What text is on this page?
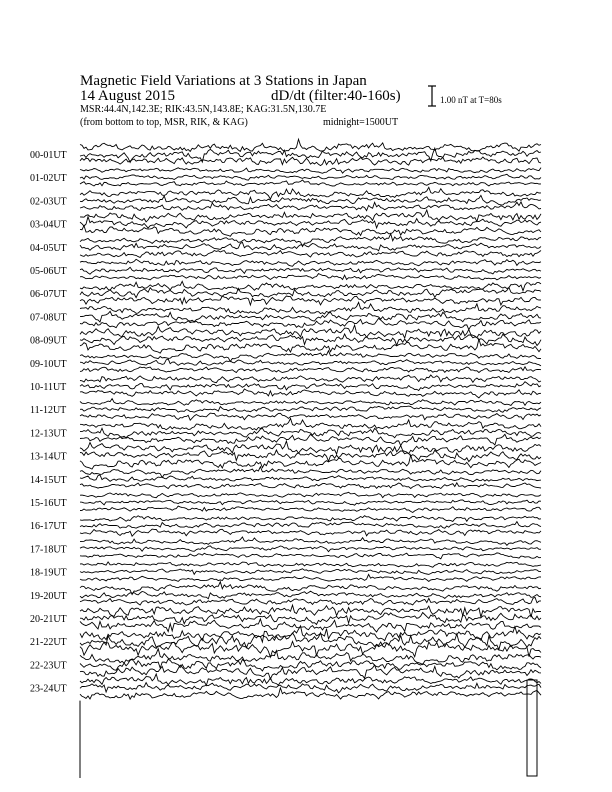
Magnetic Field Variations at 3 Stations in Japan
14 August 2015	dD/dt (filter:40-160s)
MSR:44.4N,142.3E; RIK:43.5N,143.8E; KAG:31.5N,130.7E
(from bottom to top, MSR, RIK, & KAG)	midnight=1500UT
1.00 nT at T=80s
00-01UT
01-02UT
02-03UT
03-04UT
04-05UT
05-06UT
06-07UT
07-08UT
08-09UT
09-10UT
10-11UT
11-12UT
12-13UT
13-14UT
14-15UT
15-16UT
16-17UT
17-18UT
18-19UT
19-20UT
20-21UT
21-22UT
22-23UT
23-24UT
